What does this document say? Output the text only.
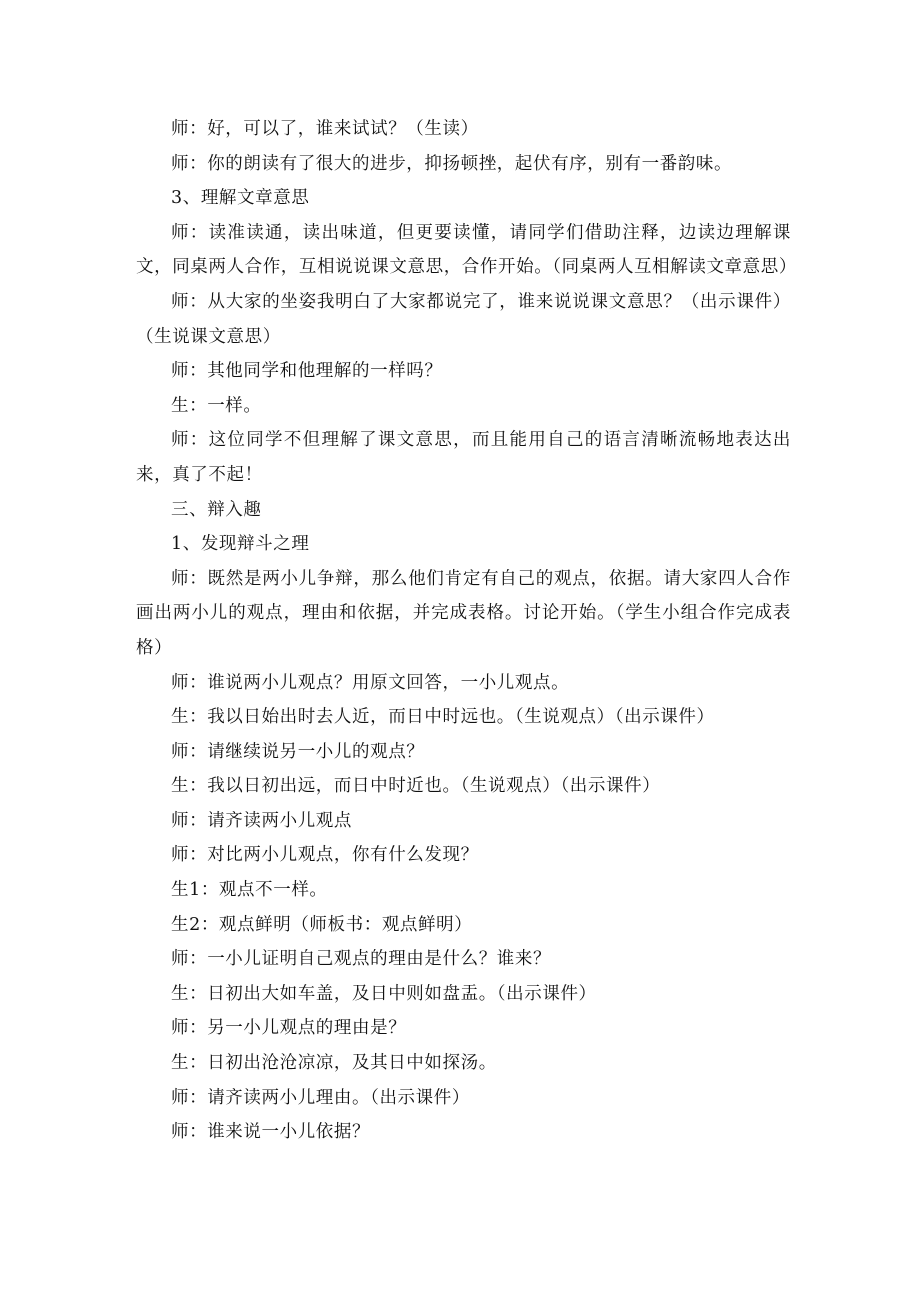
师：好，可以了，谁来试试？（生读）

师：你的朗读有了很大的进步，抑扬顿挫，起伏有序，别有一番韵味。

3、理解文章意思

师：读准读通，读出味道，但更要读懂，请同学们借助注释，边读边理解课文，同桌两人合作，互相说说课文意思，合作开始。（同桌两人互相解读文章意思）

师：从大家的坐姿我明白了大家都说完了，谁来说说课文意思？（出示课件）（生说课文意思）

师：其他同学和他理解的一样吗？

生：一样。

师：这位同学不但理解了课文意思，而且能用自己的语言清晰流畅地表达出来，真了不起！

三、辩入趣

1、发现辩斗之理

师：既然是两小儿争辩，那么他们肯定有自己的观点，依据。请大家四人合作画出两小儿的观点，理由和依据，并完成表格。讨论开始。（学生小组合作完成表格）

师：谁说两小儿观点？用原文回答，一小儿观点。

生：我以日始出时去人近，而日中时远也。（生说观点）（出示课件）

师：请继续说另一小儿的观点？

生：我以日初出远，而日中时近也。（生说观点）（出示课件）

师：请齐读两小儿观点

师：对比两小儿观点，你有什么发现？

生1：观点不一样。

生2：观点鲜明（师板书：观点鲜明）

师：一小儿证明自己观点的理由是什么？谁来？

生：日初出大如车盖，及日中则如盘盂。（出示课件）

师：另一小儿观点的理由是？

生：日初出沧沧凉凉，及其日中如探汤。

师：请齐读两小儿理由。（出示课件）

师：谁来说一小儿依据？
